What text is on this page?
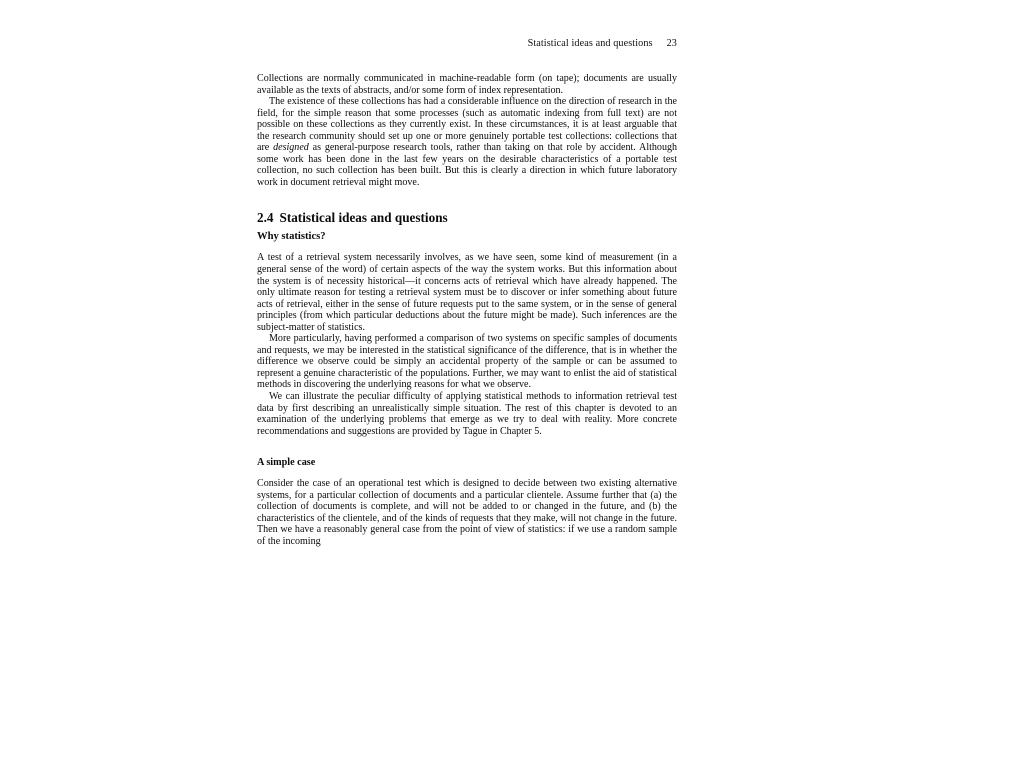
Statistical ideas and questions 23

Collections are normally communicated in machine-readable form (on tape); documents are usually available as the texts of abstracts, and/or some form of index representation.

The existence of these collections has had a considerable influence on the direction of research in the field, for the simple reason that some processes (such as automatic indexing from full text) are not possible on these collections as they currently exist. In these circumstances, it is at least arguable that the research community should set up one or more genuinely portable test collections: collections that are designed as general-purpose research tools, rather than taking on that role by accident. Although some work has been done in the last few years on the desirable characteristics of a portable test collection, no such collection has been built. But this is clearly a direction in which future laboratory work in document retrieval might move.

2.4 Statistical ideas and questions
Why statistics?

A test of a retrieval system necessarily involves, as we have seen, some kind of measurement (in a general sense of the word) of certain aspects of the way the system works. But this information about the system is of necessity historical—it concerns acts of retrieval which have already happened. The only ultimate reason for testing a retrieval system must be to discover or infer something about future acts of retrieval, either in the sense of future requests put to the same system, or in the sense of general principles (from which particular deductions about the future might be made). Such inferences are the subject-matter of statistics.

More particularly, having performed a comparison of two systems on specific samples of documents and requests, we may be interested in the statistical significance of the difference, that is in whether the difference we observe could be simply an accidental property of the sample or can be assumed to represent a genuine characteristic of the populations. Further, we may want to enlist the aid of statistical methods in discovering the underlying reasons for what we observe.

We can illustrate the peculiar difficulty of applying statistical methods to information retrieval test data by first describing an unrealistically simple situation. The rest of this chapter is devoted to an examination of the underlying problems that emerge as we try to deal with reality. More concrete recommendations and suggestions are provided by Tague in Chapter 5.

A simple case

Consider the case of an operational test which is designed to decide between two existing alternative systems, for a particular collection of documents and a particular clientele. Assume further that (a) the collection of documents is complete, and will not be added to or changed in the future, and (b) the characteristics of the clientele, and of the kinds of requests that they make, will not change in the future. Then we have a reasonably general case from the point of view of statistics: if we use a random sample of the incoming
